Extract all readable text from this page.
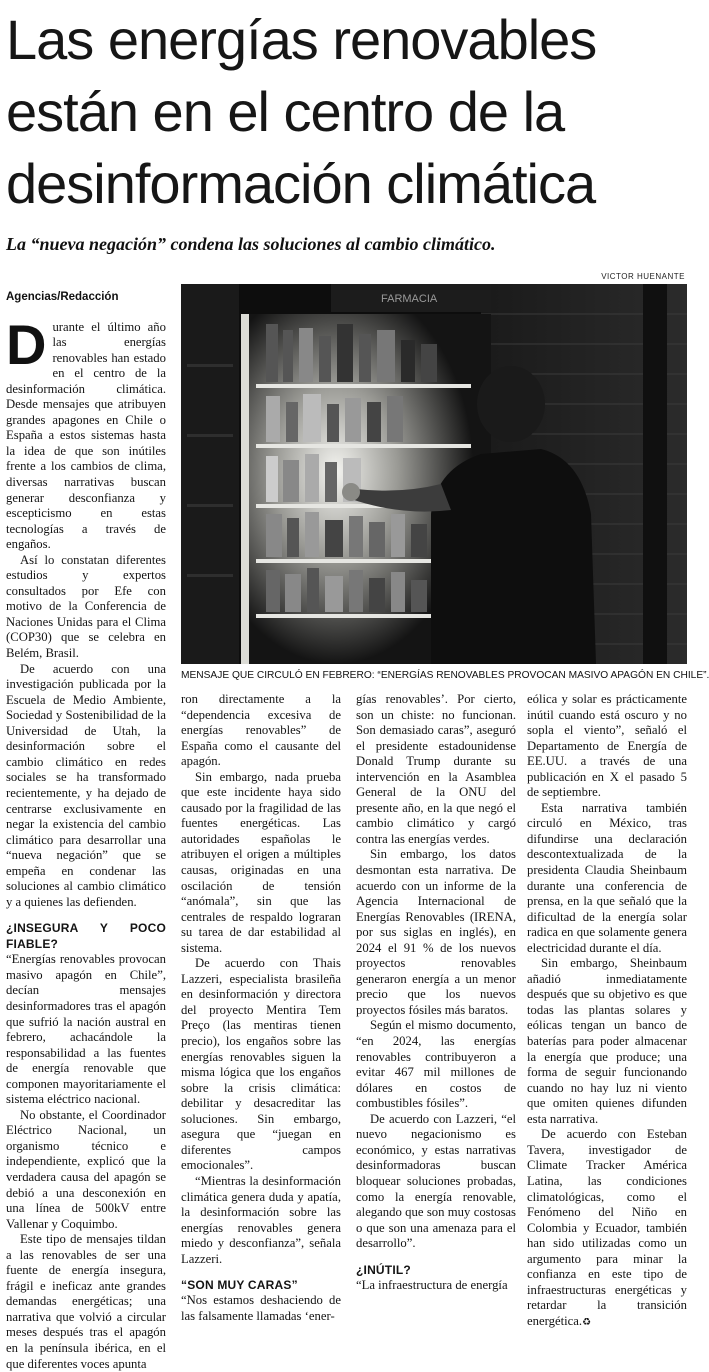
Las energías renovables
están en el centro de la
desinformación climática
La “nueva negación” condena las soluciones al cambio climático.
VICTOR HUENANTE
FARMACIA
MENSAJE QUE CIRCULÓ EN FEBRERO: “ENERGÍAS RENOVABLES PROVOCAN MASIVO APAGÓN EN CHILE”.
Agencias/Redacción

Durante el último año las energías renovables han estado en el centro de la desinformación climática. Desde mensajes que atribuyen grandes apagones en Chile o España a estos sistemas hasta la idea de que son inútiles frente a los cambios de clima, diversas narrativas buscan generar desconfianza y escepticismo en estas tecnologías a través de engaños.

Así lo constatan diferentes estudios y expertos consultados por Efe con motivo de la Conferencia de Naciones Unidas para el Clima (COP30) que se celebra en Belém, Brasil.

De acuerdo con una investigación publicada por la Escuela de Medio Ambiente, Sociedad y Sostenibilidad de la Universidad de Utah, la desinformación sobre el cambio climático en redes sociales se ha transformado recientemente, y ha dejado de centrarse exclusivamente en negar la existencia del cambio climático para desarrollar una “nueva negación” que se empeña en condenar las soluciones al cambio climático y a quienes las defienden.

¿INSEGURA Y POCO FIABLE?

“Energías renovables provocan masivo apagón en Chile”, decían mensajes desinformadores tras el apagón que sufrió la nación austral en febrero, achacándole la responsabilidad a las fuentes de energía renovable que componen mayoritariamente el sistema eléctrico nacional.

No obstante, el Coordinador Eléctrico Nacional, un organismo técnico e independiente, explicó que la verdadera causa del apagón se debió a una desconexión en una línea de 500kV entre Vallenar y Coquimbo.

Este tipo de mensajes tildan a las renovables de ser una fuente de energía insegura, frágil e ineficaz ante grandes demandas energéticas; una narrativa que volvió a circular meses después tras el apagón en la península ibérica, en el que diferentes voces apunta

ron directamente a la “dependencia excesiva de energías renovables” de España como el causante del apagón.

Sin embargo, nada prueba que este incidente haya sido causado por la fragilidad de las fuentes energéticas. Las autoridades españolas le atribuyen el origen a múltiples causas, originadas en una oscilación de tensión “anómala”, sin que las centrales de respaldo lograran su tarea de dar estabilidad al sistema.

De acuerdo con Thais Lazzeri, especialista brasileña en desinformación y directora del proyecto Mentira Tem Preço (las mentiras tienen precio), los engaños sobre las energías renovables siguen la misma lógica que los engaños sobre la crisis climática: debilitar y desacreditar las soluciones. Sin embargo, asegura que “juegan en diferentes campos emocionales”.

“Mientras la desinformación climática genera duda y apatía, la desinformación sobre las energías renovables genera miedo y desconfianza”, señala Lazzeri.

“SON MUY CARAS”

“Nos estamos deshaciendo de las falsamente llamadas ‘ener-

gías renovables’. Por cierto, son un chiste: no funcionan. Son demasiado caras”, aseguró el presidente estadounidense Donald Trump durante su intervención en la Asamblea General de la ONU del presente año, en la que negó el cambio climático y cargó contra las energías verdes.

Sin embargo, los datos desmontan esta narrativa. De acuerdo con un informe de la Agencia Internacional de Energías Renovables (IRENA, por sus siglas en inglés), en 2024 el 91 % de los nuevos proyectos renovables generaron energía a un menor precio que los nuevos proyectos fósiles más baratos.

Según el mismo documento, “en 2024, las energías renovables contribuyeron a evitar 467 mil millones de dólares en costos de combustibles fósiles”.

De acuerdo con Lazzeri, “el nuevo negacionismo es económico, y estas narrativas desinformadoras buscan bloquear soluciones probadas, como la energía renovable, alegando que son muy costosas o que son una amenaza para el desarrollo”.

¿INÚTIL?

“La infraestructura de energía

eólica y solar es prácticamente inútil cuando está oscuro y no sopla el viento”, señaló el Departamento de Energía de EE.UU. a través de una publicación en X el pasado 5 de septiembre.

Esta narrativa también circuló en México, tras difundirse una declaración descontextualizada de la presidenta Claudia Sheinbaum durante una conferencia de prensa, en la que señaló que la dificultad de la energía solar radica en que solamente genera electricidad durante el día.

Sin embargo, Sheinbaum añadió inmediatamente después que su objetivo es que todas las plantas solares y eólicas tengan un banco de baterías para poder almacenar la energía que produce; una forma de seguir funcionando cuando no hay luz ni viento que omiten quienes difunden esta narrativa.

De acuerdo con Esteban Tavera, investigador de Climate Tracker América Latina, las condiciones climatológicas, como el Fenómeno del Niño en Colombia y Ecuador, también han sido utilizadas como un argumento para minar la confianza en este tipo de infraestructuras energéticas y retardar la transición energética.♻
